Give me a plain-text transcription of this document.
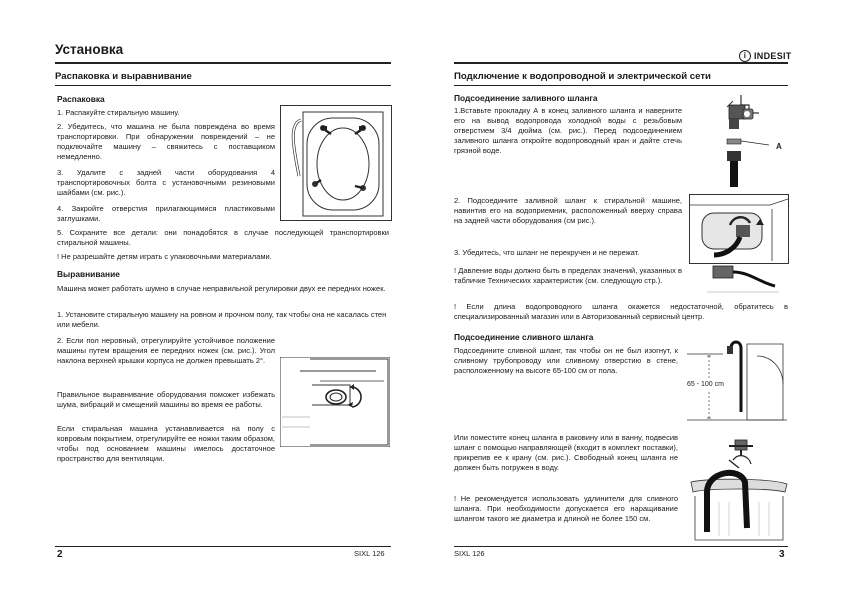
Установка
Распаковка и выравнивание
Распаковка

1. Распакуйте стиральную машину.

2. Убедитесь, что машина не была повреждена во время транспортировки. При обнаружении повреждений – не подключайте машину – свяжитесь с поставщиком немедленно.

3. Удалите с задней части оборудования 4 транспортировочных болта с установочными резиновыми шайбами (см. рис.).

4. Закройте отверстия прилагающимися пластиковыми заглушками.

5. Сохраните все детали: они понадобятся в случае последующей транспортировки стиральной машины.

! Не разрешайте детям играть с упаковочными материалами.

Выравнивание

Машина может работать шумно в случае неправильной регулировки двух ее передних ножек.

1. Установите стиральную машину на ровном и прочном полу, так чтобы она не касалась стен или мебели.

2. Если пол неровный, отрегулируйте устойчивое положение машины путем вращения ее передних ножек (см. рис.). Угол наклона верхней крышки корпуса не должен превышать 2°.

Правильное выравнивание оборудования поможет избежать шума, вибраций и смещений машины во время ее работы.

Если стиральная машина устанавливается на полу с ковровым покрытием, отрегулируйте ее ножки таким образом, чтобы под основанием машины имелось достаточное пространство для вентиляции.

2	SIXL 126
i INDESIT
Подключение к водопроводной и электрической сети
Подсоединение заливного шланга

1.Вставьте прокладку А в конец заливного шланга и наверните его на вывод водопровода холодной воды с резьбовым отверстием 3/4 дюйма (см. рис.). Перед подсоединением заливного шланга откройте водопроводный кран и дайте стечь грязной воде.	A

2. Подсоедините заливной шланг к стиральной машине, навинтив его на водоприемник, расположенный вверху справа на задней части оборудования (см рис.).

3. Убедитесь, что шланг не перекручен и не пережат.

! Давление воды должно быть в пределах значений, указанных в табличке Технических характеристик (см. следующую стр.).

! Если длина водопроводного шланга окажется недостаточной, обратитесь в специализированный магазин или в Авторизованный сервисный центр.

Подсоединение сливного шланга

Подсоедините сливной шланг, так чтобы он не был изогнут, к сливному трубопроводу или сливному отверстию в стене, расположенному на высоте 65-100 см от пола.

65 - 100 cm

Или поместите конец шланга в раковину или в ванну, подвесив шланг с помощью направляющей (входит в комплект поставки), прикрепив ее к крану (см. рис.). Свободный конец шланга не должен быть погружен в воду.

! Не рекомендуется использовать удлинители для сливного шланга. При необходимости допускается его наращивание шлангом такого же диаметра и длиной не более 150 см.

SIXL 126	3
